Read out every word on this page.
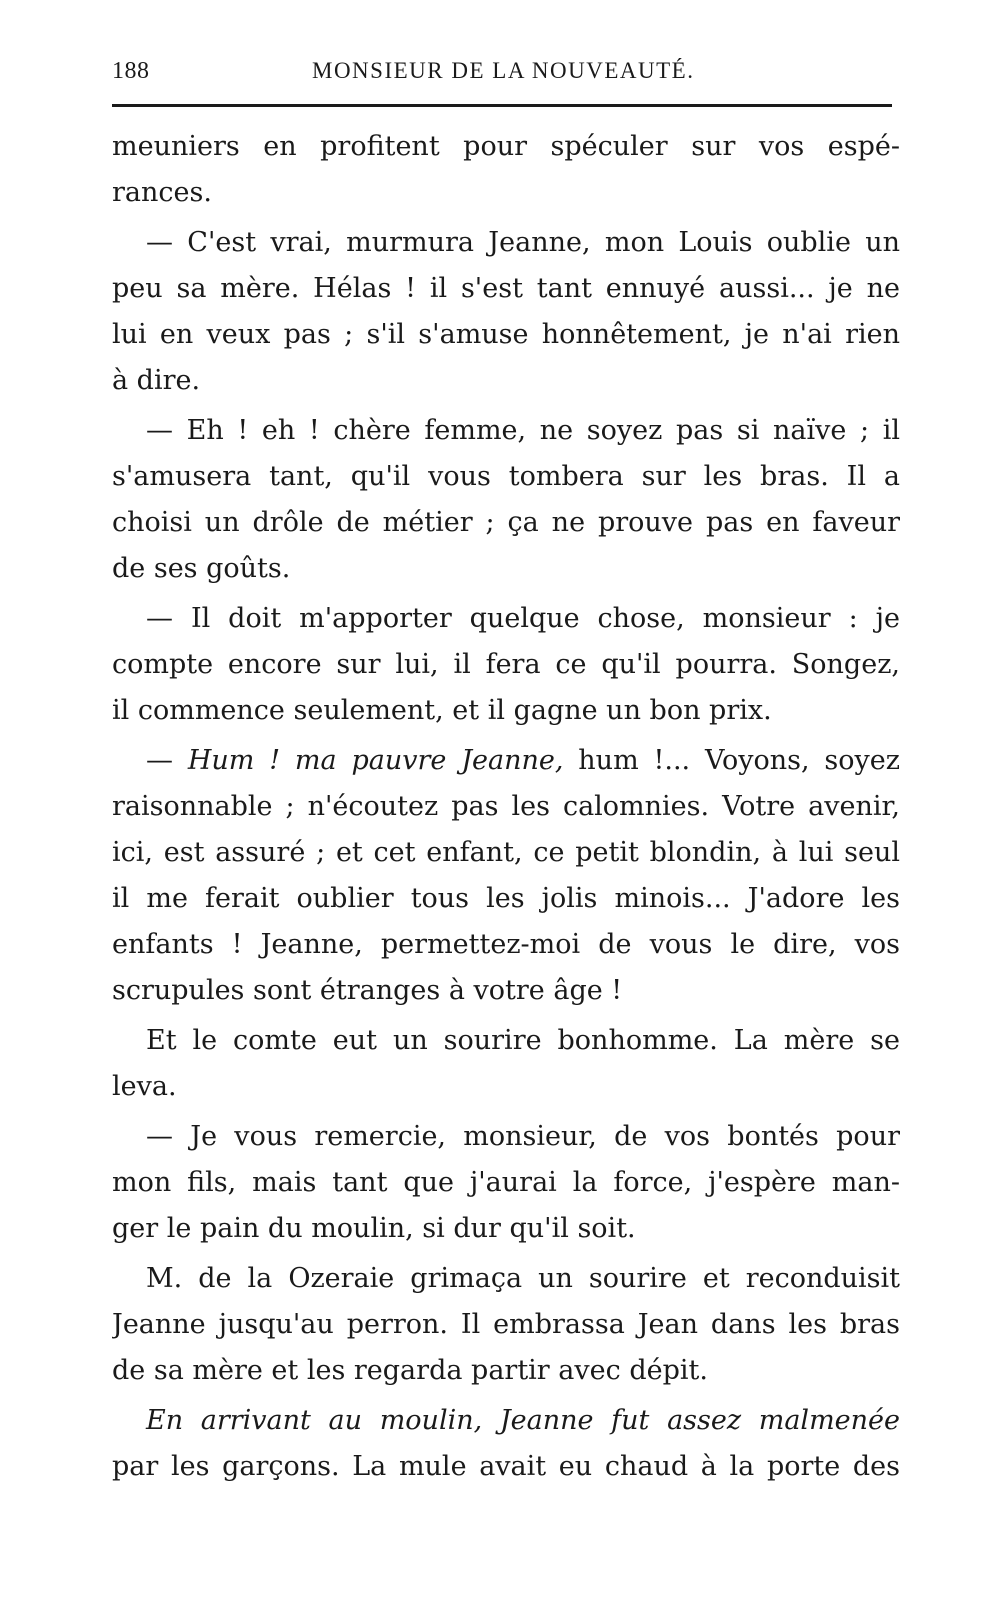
188	MONSIEUR DE LA NOUVEAUTÉ.
meuniers en profitent pour spéculer sur vos espé-
rances.
— C'est vrai, murmura Jeanne, mon Louis oublie un
peu sa mère. Hélas ! il s'est tant ennuyé aussi... je ne
lui en veux pas ; s'il s'amuse honnêtement, je n'ai rien
à dire.
— Eh ! eh ! chère femme, ne soyez pas si naïve ; il
s'amusera tant, qu'il vous tombera sur les bras. Il a
choisi un drôle de métier ; ça ne prouve pas en faveur
de ses goûts.
— Il doit m'apporter quelque chose, monsieur : je
compte encore sur lui, il fera ce qu'il pourra. Songez,
il commence seulement, et il gagne un bon prix.
— Hum ! ma pauvre Jeanne, hum !... Voyons, soyez
raisonnable ; n'écoutez pas les calomnies. Votre avenir,
ici, est assuré ; et cet enfant, ce petit blondin, à lui seul
il me ferait oublier tous les jolis minois... J'adore les
enfants ! Jeanne, permettez-moi de vous le dire, vos
scrupules sont étranges à votre âge !
Et le comte eut un sourire bonhomme. La mère se
leva.
— Je vous remercie, monsieur, de vos bontés pour
mon fils, mais tant que j'aurai la force, j'espère man-
ger le pain du moulin, si dur qu'il soit.
M. de la Ozeraie grimaça un sourire et reconduisit
Jeanne jusqu'au perron. Il embrassa Jean dans les bras
de sa mère et les regarda partir avec dépit.
En arrivant au moulin, Jeanne fut assez malmenée
par les garçons. La mule avait eu chaud à la porte des
